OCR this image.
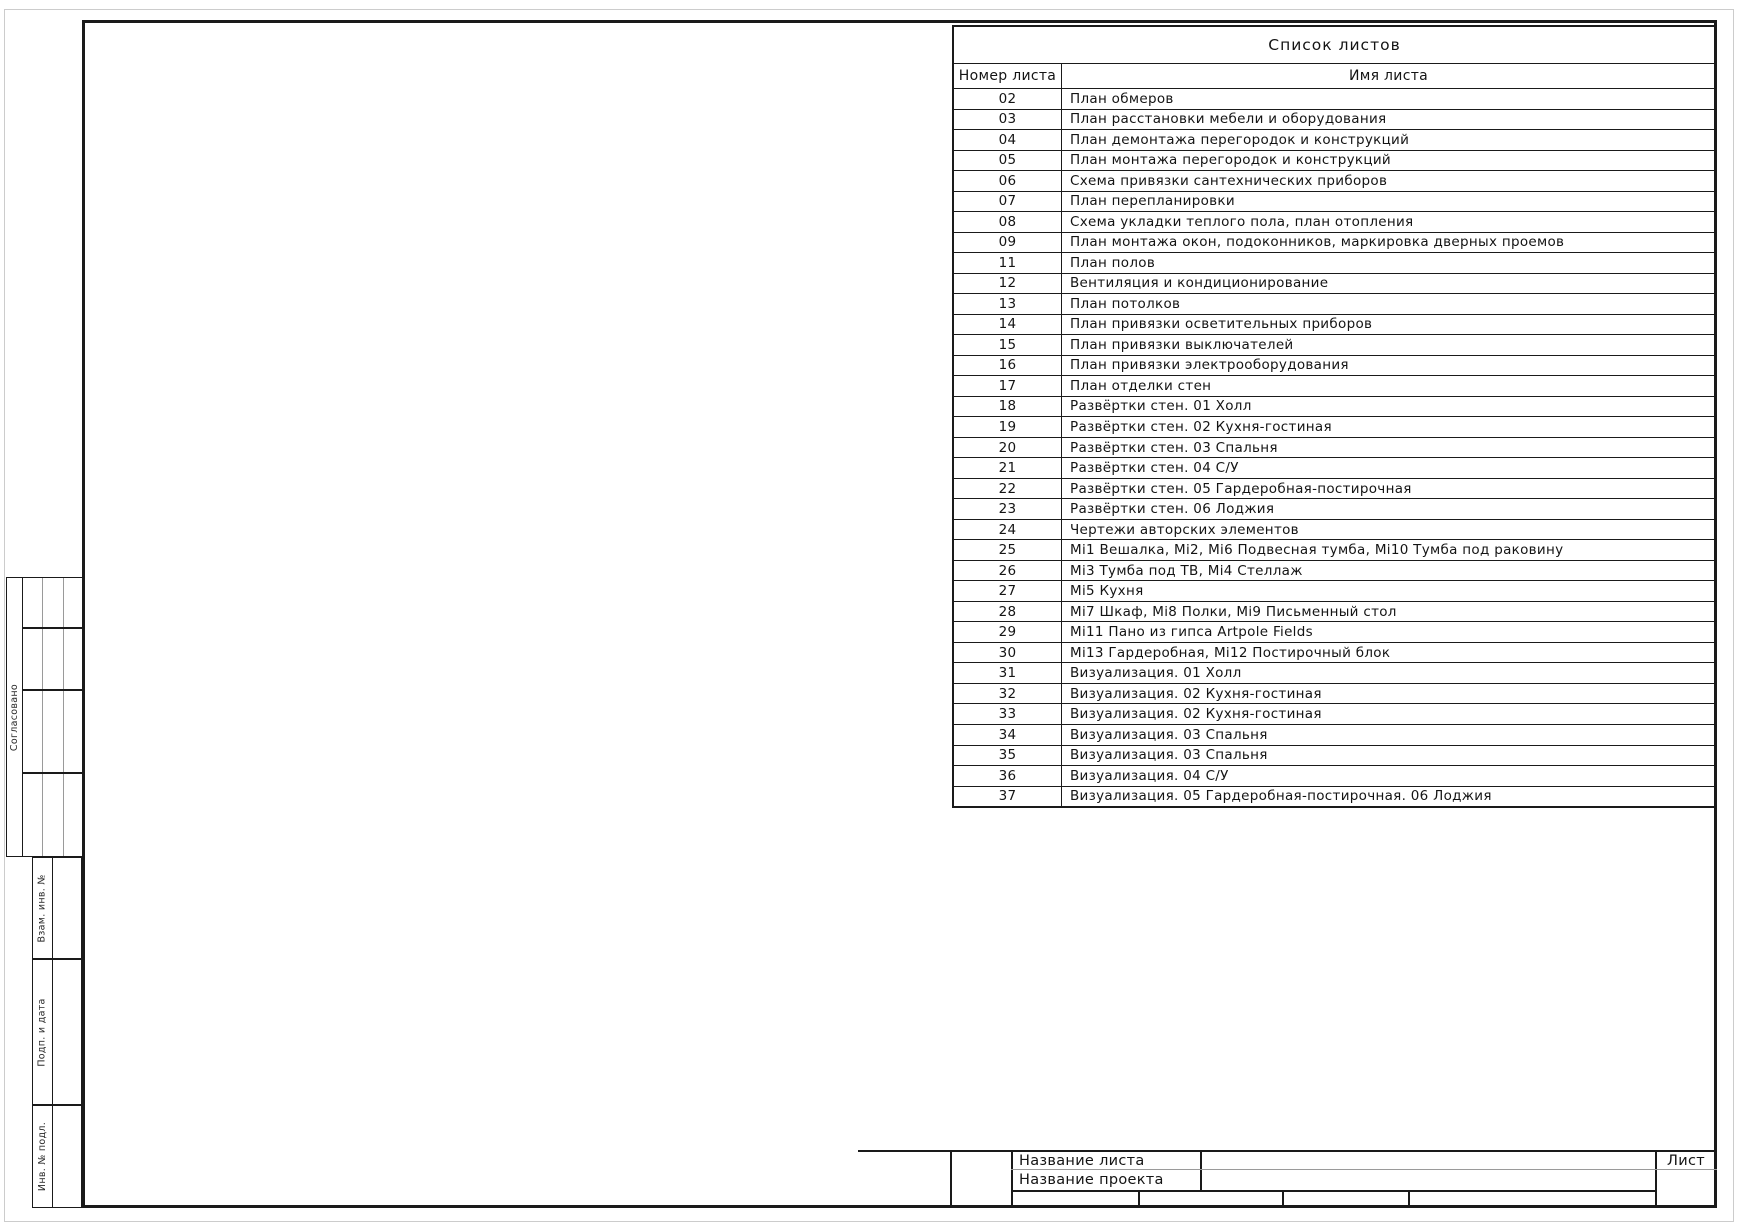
Список листов
Номер листа	Имя листа
02	План обмеров
03	План расстановки мебели и оборудования
04	План демонтажа перегородок и конструкций
05	План монтажа перегородок и конструкций
06	Схема привязки сантехнических приборов
07	План перепланировки
08	Схема укладки теплого пола, план отопления
09	План монтажа окон, подоконников, маркировка дверных проемов
11	План полов
12	Вентиляция и кондиционирование
13	План потолков
14	План привязки осветительных приборов
15	План привязки выключателей
16	План привязки электрооборудования
17	План отделки стен
18	Развёртки стен. 01 Холл
19	Развёртки стен. 02 Кухня-гостиная
20	Развёртки стен. 03 Спальня
21	Развёртки стен. 04 С/У
22	Развёртки стен. 05 Гардеробная-постирочная
23	Развёртки стен. 06 Лоджия
24	Чертежи авторских элементов
25	Mi1 Вешалка, Mi2, Mi6 Подвесная тумба, Mi10 Тумба под раковину
26	Mi3 Тумба под ТВ, Mi4 Стеллаж
27	Mi5 Кухня
28	Mi7 Шкаф, Mi8 Полки, Mi9 Письменный стол
29	Mi11 Пано из гипса Artpole Fields
30	Mi13 Гардеробная, Mi12 Постирочный блок
31	Визуализация. 01 Холл
32	Визуализация. 02 Кухня-гостиная
33	Визуализация. 02 Кухня-гостиная
34	Визуализация. 03 Спальня
35	Визуализация. 03 Спальня
36	Визуализация. 04 С/У
37	Визуализация. 05 Гардеробная-постирочная. 06 Лоджия
Название листа
Название проекта
Лист
Согласовано
Взам. инв. №
Подп. и дата
Инв. № подл.
